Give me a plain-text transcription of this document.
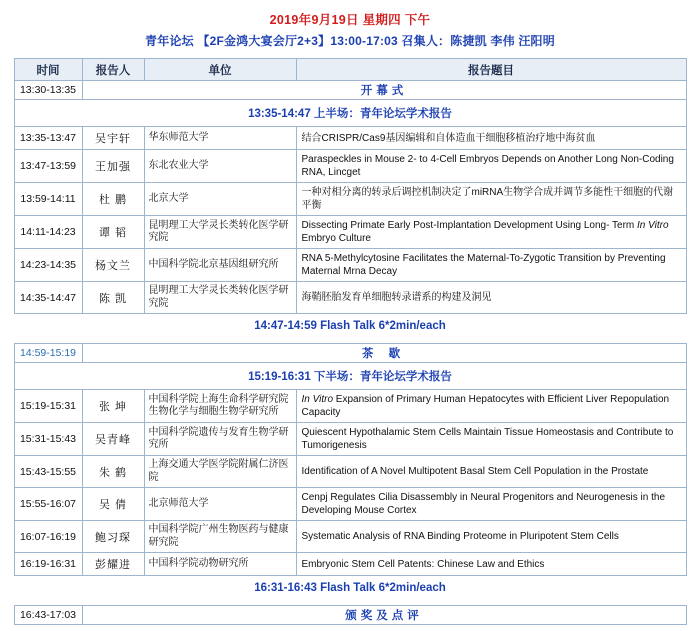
2019年9月19日 星期四 下午
青年论坛 【2F金鸿大宴会厅2+3】13:00-17:03 召集人：陈捷凯 李伟 汪阳明
时间	报告人	单位	报告题目
13:30-13:35	开幕式		
13:35-14:47 上半场：青年论坛学术报告			
13:35-13:47	吴宇轩	华东师范大学	结合CRISPR/Cas9基因编辑和自体造血干细胞移植治疗地中海贫血
13:47-13:59	王加强	东北农业大学	Paraspeckles in Mouse 2- to 4-Cell Embryos Depends on Another Long Non-Coding RNA, Lincget
13:59-14:11	杜 鹏	北京大学	一种对相分离的转录后调控机制决定了miRNA生物学合成并调节多能性干细胞的代谢平衡
14:11-14:23	谭 韬	昆明理工大学灵长类转化医学研究院	Dissecting Primate Early Post-Implantation Development Using Long- Term In Vitro Embryo Culture
14:23-14:35	杨文兰	中国科学院北京基因组研究所	RNA 5-Methylcytosine Facilitates the Maternal-To-Zygotic Transition by Preventing Maternal Mrna Decay
14:35-14:47	陈 凯	昆明理工大学灵长类转化医学研究院	海鞘胚胎发育单细胞转录谱系的构建及洞见
14:47-14:59 Flash Talk 6*2min/each			

14:59-15:19	茶 歇		
15:19-16:31 下半场：青年论坛学术报告			
15:19-15:31	张 坤	中国科学院上海生命科学研究院生物化学与细胞生物学研究所	In Vitro Expansion of Primary Human Hepatocytes with Efficient Liver Repopulation Capacity
15:31-15:43	吴青峰	中国科学院遗传与发育生物学研究所	Quiescent Hypothalamic Stem Cells Maintain Tissue Homeostasis and Contribute to Tumorigenesis
15:43-15:55	朱 鹤	上海交通大学医学院附属仁济医院	Identification of A Novel Multipotent Basal Stem Cell Population in the Prostate
15:55-16:07	吴 倩	北京师范大学	Cenpj Regulates Cilia Disassembly in Neural Progenitors and Neurogenesis in the Developing Mouse Cortex
16:07-16:19	鲍习琛	中国科学院广州生物医药与健康研究院	Systematic Analysis of RNA Binding Proteome in Pluripotent Stem Cells
16:19-16:31	彭耀进	中国科学院动物研究所	Embryonic Stem Cell Patents: Chinese Law and Ethics
16:31-16:43 Flash Talk 6*2min/each			

16:43-17:03	颁奖及点评		
